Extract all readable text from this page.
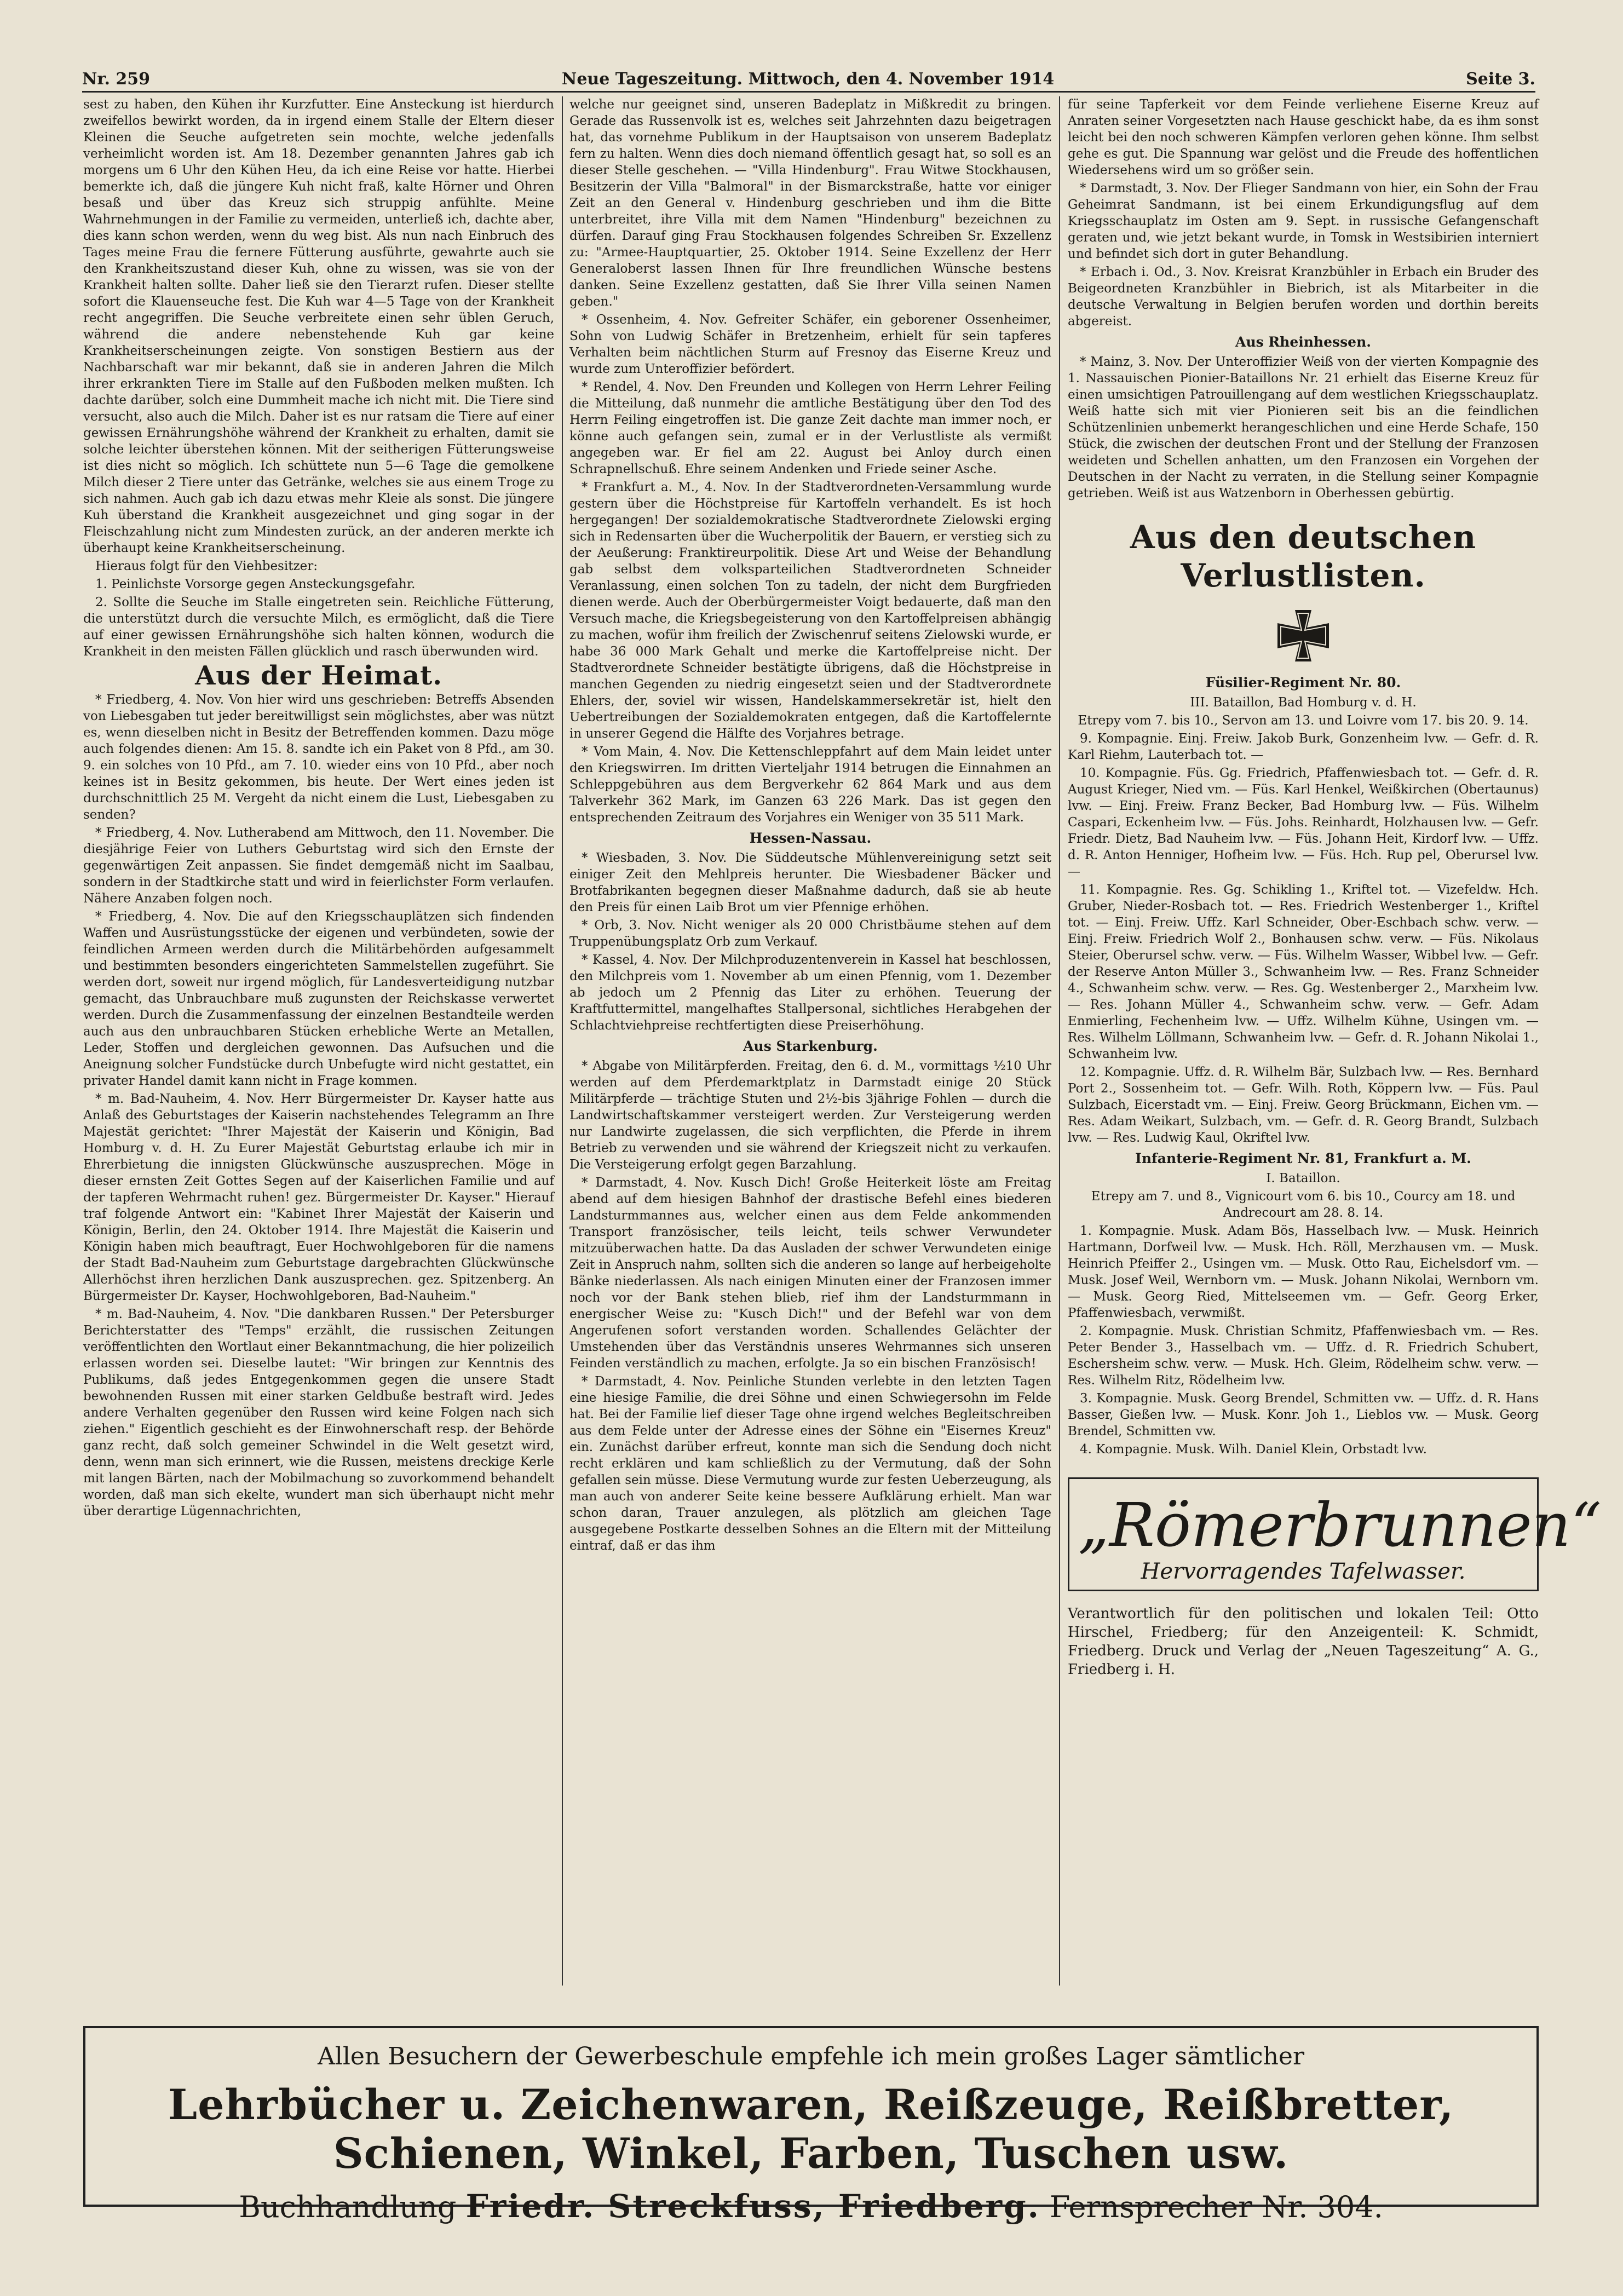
Nr. 259	Neue Tageszeitung. Mittwoch, den 4. November 1914	Seite 3.

sest zu haben, den Kühen ihr Kurzfutter. Eine Ansteckung ist hierdurch zweifellos bewirkt worden, da in irgend einem Stalle der Eltern dieser Kleinen die Seuche aufgetreten sein mochte, welche jedenfalls verheimlicht worden ist. Am 18. Dezember genannten Jahres gab ich morgens um 6 Uhr den Kühen Heu, da ich eine Reise vor hatte. Hierbei bemerkte ich, daß die jüngere Kuh nicht fraß, kalte Hörner und Ohren besaß und über das Kreuz sich struppig anfühlte. Meine Wahrnehmungen in der Familie zu vermeiden, unterließ ich, dachte aber, dies kann schon werden, wenn du weg bist. Als nun nach Einbruch des Tages meine Frau die fernere Fütterung ausführte, gewahrte auch sie den Krankheitszustand dieser Kuh, ohne zu wissen, was sie von der Krankheit halten sollte. Daher ließ sie den Tierarzt rufen. Dieser stellte sofort die Klauenseuche fest. Die Kuh war 4—5 Tage von der Krankheit recht angegriffen. Die Seuche verbreitete einen sehr üblen Geruch, während die andere nebenstehende Kuh gar keine Krankheitserscheinungen zeigte. Von sonstigen Bestiern aus der Nachbarschaft war mir bekannt, daß sie in anderen Jahren die Milch ihrer erkrankten Tiere im Stalle auf den Fußboden melken mußten. Ich dachte darüber, solch eine Dummheit mache ich nicht mit. Die Tiere sind versucht, also auch die Milch. Daher ist es nur ratsam die Tiere auf einer gewissen Ernährungshöhe während der Krankheit zu erhalten, damit sie solche leichter überstehen können. Mit der seitherigen Fütterungsweise ist dies nicht so möglich. Ich schüttete nun 5—6 Tage die gemolkene Milch dieser 2 Tiere unter das Getränke, welches sie aus einem Troge zu sich nahmen. Auch gab ich dazu etwas mehr Kleie als sonst. Die jüngere Kuh überstand die Krankheit ausgezeichnet und ging sogar in der Fleischzahlung nicht zum Mindesten zurück, an der anderen merkte ich überhaupt keine Krankheitserscheinung.

Hieraus folgt für den Viehbesitzer:

1. Peinlichste Vorsorge gegen Ansteckungsgefahr.

2. Sollte die Seuche im Stalle eingetreten sein. Reichliche Fütterung, die unterstützt durch die versuchte Milch, es ermöglicht, daß die Tiere auf einer gewissen Ernährungshöhe sich halten können, wodurch die Krankheit in den meisten Fällen glücklich und rasch überwunden wird.

Aus der Heimat.

* Friedberg, 4. Nov. Von hier wird uns geschrieben: Betreffs Absenden von Liebesgaben tut jeder bereitwilligst sein möglichstes, aber was nützt es, wenn dieselben nicht in Besitz der Betreffenden kommen. Dazu möge auch folgendes dienen: Am 15. 8. sandte ich ein Paket von 8 Pfd., am 30. 9. ein solches von 10 Pfd., am 7. 10. wieder eins von 10 Pfd., aber noch keines ist in Besitz gekommen, bis heute. Der Wert eines jeden ist durchschnittlich 25 M. Vergeht da nicht einem die Lust, Liebesgaben zu senden?

* Friedberg, 4. Nov. Lutherabend am Mittwoch, den 11. November. Die diesjährige Feier von Luthers Geburtstag wird sich den Ernste der gegenwärtigen Zeit anpassen. Sie findet demgemäß nicht im Saalbau, sondern in der Stadtkirche statt und wird in feierlichster Form verlaufen. Nähere Anzaben folgen noch.

* Friedberg, 4. Nov. Die auf den Kriegsschauplätzen sich findenden Waffen und Ausrüstungsstücke der eigenen und verbündeten, sowie der feindlichen Armeen werden durch die Militärbehörden aufgesammelt und bestimmten besonders eingerichteten Sammelstellen zugeführt. Sie werden dort, soweit nur irgend möglich, für Landesverteidigung nutzbar gemacht, das Unbrauchbare muß zugunsten der Reichskasse verwertet werden. Durch die Zusammenfassung der einzelnen Bestandteile werden auch aus den unbrauchbaren Stücken erhebliche Werte an Metallen, Leder, Stoffen und dergleichen gewonnen. Das Aufsuchen und die Aneignung solcher Fundstücke durch Unbefugte wird nicht gestattet, ein privater Handel damit kann nicht in Frage kommen.

* m. Bad-Nauheim, 4. Nov. Herr Bürgermeister Dr. Kayser hatte aus Anlaß des Geburtstages der Kaiserin nachstehendes Telegramm an Ihre Majestät gerichtet: "Ihrer Majestät der Kaiserin und Königin, Bad Homburg v. d. H. Zu Eurer Majestät Geburtstag erlaube ich mir in Ehrerbietung die innigsten Glückwünsche auszusprechen. Möge in dieser ernsten Zeit Gottes Segen auf der Kaiserlichen Familie und auf der tapferen Wehrmacht ruhen! gez. Bürgermeister Dr. Kayser." Hierauf traf folgende Antwort ein: "Kabinet Ihrer Majestät der Kaiserin und Königin, Berlin, den 24. Oktober 1914. Ihre Majestät die Kaiserin und Königin haben mich beauftragt, Euer Hochwohlgeboren für die namens der Stadt Bad-Nauheim zum Geburtstage dargebrachten Glückwünsche Allerhöchst ihren herzlichen Dank auszusprechen. gez. Spitzenberg. An Bürgermeister Dr. Kayser, Hochwohlgeboren, Bad-Nauheim."

* m. Bad-Nauheim, 4. Nov. "Die dankbaren Russen." Der Petersburger Berichterstatter des "Temps" erzählt, die russischen Zeitungen veröffentlichten den Wortlaut einer Bekanntmachung, die hier polizeilich erlassen worden sei. Dieselbe lautet: "Wir bringen zur Kenntnis des Publikums, daß jedes Entgegenkommen gegen die unsere Stadt bewohnenden Russen mit einer starken Geldbuße bestraft wird. Jedes andere Verhalten gegenüber den Russen wird keine Folgen nach sich ziehen." Eigentlich geschieht es der Einwohnerschaft resp. der Behörde ganz recht, daß solch gemeiner Schwindel in die Welt gesetzt wird, denn, wenn man sich erinnert, wie die Russen, meistens dreckige Kerle mit langen Bärten, nach der Mobilmachung so zuvorkommend behandelt worden, daß man sich ekelte, wundert man sich überhaupt nicht mehr über derartige Lügennachrichten,

welche nur geeignet sind, unseren Badeplatz in Mißkredit zu bringen. Gerade das Russenvolk ist es, welches seit Jahrzehnten dazu beigetragen hat, das vornehme Publikum in der Hauptsaison von unserem Badeplatz fern zu halten. Wenn dies doch niemand öffentlich gesagt hat, so soll es an dieser Stelle geschehen. — "Villa Hindenburg". Frau Witwe Stockhausen, Besitzerin der Villa "Balmoral" in der Bismarckstraße, hatte vor einiger Zeit an den General v. Hindenburg geschrieben und ihm die Bitte unterbreitet, ihre Villa mit dem Namen "Hindenburg" bezeichnen zu dürfen. Darauf ging Frau Stockhausen folgendes Schreiben Sr. Exzellenz zu: "Armee-Hauptquartier, 25. Oktober 1914. Seine Exzellenz der Herr Generaloberst lassen Ihnen für Ihre freundlichen Wünsche bestens danken. Seine Exzellenz gestatten, daß Sie Ihrer Villa seinen Namen geben."

* Ossenheim, 4. Nov. Gefreiter Schäfer, ein geborener Ossenheimer, Sohn von Ludwig Schäfer in Bretzenheim, erhielt für sein tapferes Verhalten beim nächtlichen Sturm auf Fresnoy das Eiserne Kreuz und wurde zum Unteroffizier befördert.

* Rendel, 4. Nov. Den Freunden und Kollegen von Herrn Lehrer Feiling die Mitteilung, daß nunmehr die amtliche Bestätigung über den Tod des Herrn Feiling eingetroffen ist. Die ganze Zeit dachte man immer noch, er könne auch gefangen sein, zumal er in der Verlustliste als vermißt angegeben war. Er fiel am 22. August bei Anloy durch einen Schrapnellschuß. Ehre seinem Andenken und Friede seiner Asche.

* Frankfurt a. M., 4. Nov. In der Stadtverordneten-Versammlung wurde gestern über die Höchstpreise für Kartoffeln verhandelt. Es ist hoch hergegangen! Der sozialdemokratische Stadtverordnete Zielowski erging sich in Redensarten über die Wucherpolitik der Bauern, er verstieg sich zu der Aeußerung: Franktireurpolitik. Diese Art und Weise der Behandlung gab selbst dem volksparteilichen Stadtverordneten Schneider Veranlassung, einen solchen Ton zu tadeln, der nicht dem Burgfrieden dienen werde. Auch der Oberbürgermeister Voigt bedauerte, daß man den Versuch mache, die Kriegsbegeisterung von den Kartoffelpreisen abhängig zu machen, wofür ihm freilich der Zwischenruf seitens Zielowski wurde, er habe 36 000 Mark Gehalt und merke die Kartoffelpreise nicht. Der Stadtverordnete Schneider bestätigte übrigens, daß die Höchstpreise in manchen Gegenden zu niedrig eingesetzt seien und der Stadtverordnete Ehlers, der, soviel wir wissen, Handelskammersekretär ist, hielt den Uebertreibungen der Sozialdemokraten entgegen, daß die Kartoffelernte in unserer Gegend die Hälfte des Vorjahres betrage.

* Vom Main, 4. Nov. Die Kettenschleppfahrt auf dem Main leidet unter den Kriegswirren. Im dritten Vierteljahr 1914 betrugen die Einnahmen an Schleppgebühren aus dem Bergverkehr 62 864 Mark und aus dem Talverkehr 362 Mark, im Ganzen 63 226 Mark. Das ist gegen den entsprechenden Zeitraum des Vorjahres ein Weniger von 35 511 Mark.

Hessen-Nassau.

* Wiesbaden, 3. Nov. Die Süddeutsche Mühlenvereinigung setzt seit einiger Zeit den Mehlpreis herunter. Die Wiesbadener Bäcker und Brotfabrikanten begegnen dieser Maßnahme dadurch, daß sie ab heute den Preis für einen Laib Brot um vier Pfennige erhöhen.

* Orb, 3. Nov. Nicht weniger als 20 000 Christbäume stehen auf dem Truppenübungsplatz Orb zum Verkauf.

* Kassel, 4. Nov. Der Milchproduzentenverein in Kassel hat beschlossen, den Milchpreis vom 1. November ab um einen Pfennig, vom 1. Dezember ab jedoch um 2 Pfennig das Liter zu erhöhen. Teuerung der Kraftfuttermittel, mangelhaftes Stallpersonal, sichtliches Herabgehen der Schlachtviehpreise rechtfertigten diese Preiserhöhung.

Aus Starkenburg.

* Abgabe von Militärpferden. Freitag, den 6. d. M., vormittags ½10 Uhr werden auf dem Pferdemarktplatz in Darmstadt einige 20 Stück Militärpferde — trächtige Stuten und 2½-bis 3jährige Fohlen — durch die Landwirtschaftskammer versteigert werden. Zur Versteigerung werden nur Landwirte zugelassen, die sich verpflichten, die Pferde in ihrem Betrieb zu verwenden und sie während der Kriegszeit nicht zu verkaufen. Die Versteigerung erfolgt gegen Barzahlung.

* Darmstadt, 4. Nov. Kusch Dich! Große Heiterkeit löste am Freitag abend auf dem hiesigen Bahnhof der drastische Befehl eines biederen Landsturmmannes aus, welcher einen aus dem Felde ankommenden Transport französischer, teils leicht, teils schwer Verwundeter mitzuüberwachen hatte. Da das Ausladen der schwer Verwundeten einige Zeit in Anspruch nahm, sollten sich die anderen so lange auf herbeigeholte Bänke niederlassen. Als nach einigen Minuten einer der Franzosen immer noch vor der Bank stehen blieb, rief ihm der Landsturmmann in energischer Weise zu: "Kusch Dich!" und der Befehl war von dem Angerufenen sofort verstanden worden. Schallendes Gelächter der Umstehenden über das Verständnis unseres Wehrmannes sich unseren Feinden verständlich zu machen, erfolgte. Ja so ein bischen Französisch!

* Darmstadt, 4. Nov. Peinliche Stunden verlebte in den letzten Tagen eine hiesige Familie, die drei Söhne und einen Schwiegersohn im Felde hat. Bei der Familie lief dieser Tage ohne irgend welches Begleitschreiben aus dem Felde unter der Adresse eines der Söhne ein "Eisernes Kreuz" ein. Zunächst darüber erfreut, konnte man sich die Sendung doch nicht recht erklären und kam schließlich zu der Vermutung, daß der Sohn gefallen sein müsse. Diese Vermutung wurde zur festen Ueberzeugung, als man auch von anderer Seite keine bessere Aufklärung erhielt. Man war schon daran, Trauer anzulegen, als plötzlich am gleichen Tage ausgegebene Postkarte desselben Sohnes an die Eltern mit der Mitteilung eintraf, daß er das ihm

für seine Tapferkeit vor dem Feinde verliehene Eiserne Kreuz auf Anraten seiner Vorgesetzten nach Hause geschickt habe, da es ihm sonst leicht bei den noch schweren Kämpfen verloren gehen könne. Ihm selbst gehe es gut. Die Spannung war gelöst und die Freude des hoffentlichen Wiedersehens wird um so größer sein.

* Darmstadt, 3. Nov. Der Flieger Sandmann von hier, ein Sohn der Frau Geheimrat Sandmann, ist bei einem Erkundigungsflug auf dem Kriegsschauplatz im Osten am 9. Sept. in russische Gefangenschaft geraten und, wie jetzt bekant wurde, in Tomsk in Westsibirien interniert und befindet sich dort in guter Behandlung.

* Erbach i. Od., 3. Nov. Kreisrat Kranzbühler in Erbach ein Bruder des Beigeordneten Kranzbühler in Biebrich, ist als Mitarbeiter in die deutsche Verwaltung in Belgien berufen worden und dorthin bereits abgereist.

Aus Rheinhessen.

* Mainz, 3. Nov. Der Unteroffizier Weiß von der vierten Kompagnie des 1. Nassauischen Pionier-Bataillons Nr. 21 erhielt das Eiserne Kreuz für einen umsichtigen Patrouillengang auf dem westlichen Kriegsschauplatz. Weiß hatte sich mit vier Pionieren seit bis an die feindlichen Schützenlinien unbemerkt herangeschlichen und eine Herde Schafe, 150 Stück, die zwischen der deutschen Front und der Stellung der Franzosen weideten und Schellen anhatten, um den Franzosen ein Vorgehen der Deutschen in der Nacht zu verraten, in die Stellung seiner Kompagnie getrieben. Weiß ist aus Watzenborn in Oberhessen gebürtig.

Aus den deutschen Verlustlisten.
Füsilier-Regiment Nr. 80.

III. Bataillon, Bad Homburg v. d. H.

Etrepy vom 7. bis 10., Servon am 13. und Loivre vom 17. bis 20. 9. 14.

9. Kompagnie. Einj. Freiw. Jakob Burk, Gonzenheim lvw. — Gefr. d. R. Karl Riehm, Lauterbach tot. —

10. Kompagnie. Füs. Gg. Friedrich, Pfaffenwiesbach tot. — Gefr. d. R. August Krieger, Nied vm. — Füs. Karl Henkel, Weißkirchen (Obertaunus) lvw. — Einj. Freiw. Franz Becker, Bad Homburg lvw. — Füs. Wilhelm Caspari, Eckenheim lvw. — Füs. Johs. Reinhardt, Holzhausen lvw. — Gefr. Friedr. Dietz, Bad Nauheim lvw. — Füs. Johann Heit, Kirdorf lvw. — Uffz. d. R. Anton Henniger, Hofheim lvw. — Füs. Hch. Rup pel, Oberursel lvw. —

11. Kompagnie. Res. Gg. Schikling 1., Kriftel tot. — Vizefeldw. Hch. Gruber, Nieder-Rosbach tot. — Res. Friedrich Westenberger 1., Kriftel tot. — Einj. Freiw. Uffz. Karl Schneider, Ober-Eschbach schw. verw. — Einj. Freiw. Friedrich Wolf 2., Bonhausen schw. verw. — Füs. Nikolaus Steier, Oberursel schw. verw. — Füs. Wilhelm Wasser, Wibbel lvw. — Gefr. der Reserve Anton Müller 3., Schwanheim lvw. — Res. Franz Schneider 4., Schwanheim schw. verw. — Res. Gg. Westenberger 2., Marxheim lvw. — Res. Johann Müller 4., Schwanheim schw. verw. — Gefr. Adam Enmierling, Fechenheim lvw. — Uffz. Wilhelm Kühne, Usingen vm. — Res. Wilhelm Löllmann, Schwanheim lvw. — Gefr. d. R. Johann Nikolai 1., Schwanheim lvw.

12. Kompagnie. Uffz. d. R. Wilhelm Bär, Sulzbach lvw. — Res. Bernhard Port 2., Sossenheim tot. — Gefr. Wilh. Roth, Köppern lvw. — Füs. Paul Sulzbach, Eicerstadt vm. — Einj. Freiw. Georg Brückmann, Eichen vm. — Res. Adam Weikart, Sulzbach, vm. — Gefr. d. R. Georg Brandt, Sulzbach lvw. — Res. Ludwig Kaul, Okriftel lvw.

Infanterie-Regiment Nr. 81, Frankfurt a. M.

I. Bataillon.

Etrepy am 7. und 8., Vignicourt vom 6. bis 10., Courcy am 18. und Andrecourt am 28. 8. 14.

1. Kompagnie. Musk. Adam Bös, Hasselbach lvw. — Musk. Heinrich Hartmann, Dorfweil lvw. — Musk. Hch. Röll, Merzhausen vm. — Musk. Heinrich Pfeiffer 2., Usingen vm. — Musk. Otto Rau, Eichelsdorf vm. — Musk. Josef Weil, Wernborn vm. — Musk. Johann Nikolai, Wernborn vm. — Musk. Georg Ried, Mittelseemen vm. — Gefr. Georg Erker, Pfaffenwiesbach, verwmißt.

2. Kompagnie. Musk. Christian Schmitz, Pfaffenwiesbach vm. — Res. Peter Bender 3., Hasselbach vm. — Uffz. d. R. Friedrich Schubert, Eschersheim schw. verw. — Musk. Hch. Gleim, Rödelheim schw. verw. — Res. Wilhelm Ritz, Rödelheim lvw.

3. Kompagnie. Musk. Georg Brendel, Schmitten vw. — Uffz. d. R. Hans Basser, Gießen lvw. — Musk. Konr. Joh 1., Lieblos vw. — Musk. Georg Brendel, Schmitten vw.

4. Kompagnie. Musk. Wilh. Daniel Klein, Orbstadt lvw.

„Römerbrunnen“
Hervorragendes Tafelwasser.
Verantwortlich für den politischen und lokalen Teil: Otto Hirschel, Friedberg; für den Anzeigenteil: K. Schmidt, Friedberg. Druck und Verlag der „Neuen Tageszeitung“ A. G., Friedberg i. H.
Allen Besuchern der Gewerbeschule empfehle ich mein großes Lager sämtlicher
Lehrbücher u. Zeichenwaren, Reißzeuge, Reißbretter, Schienen, Winkel, Farben, Tuschen usw.
Buchhandlung Friedr. Streckfuss, Friedberg. Fernsprecher Nr. 304.
